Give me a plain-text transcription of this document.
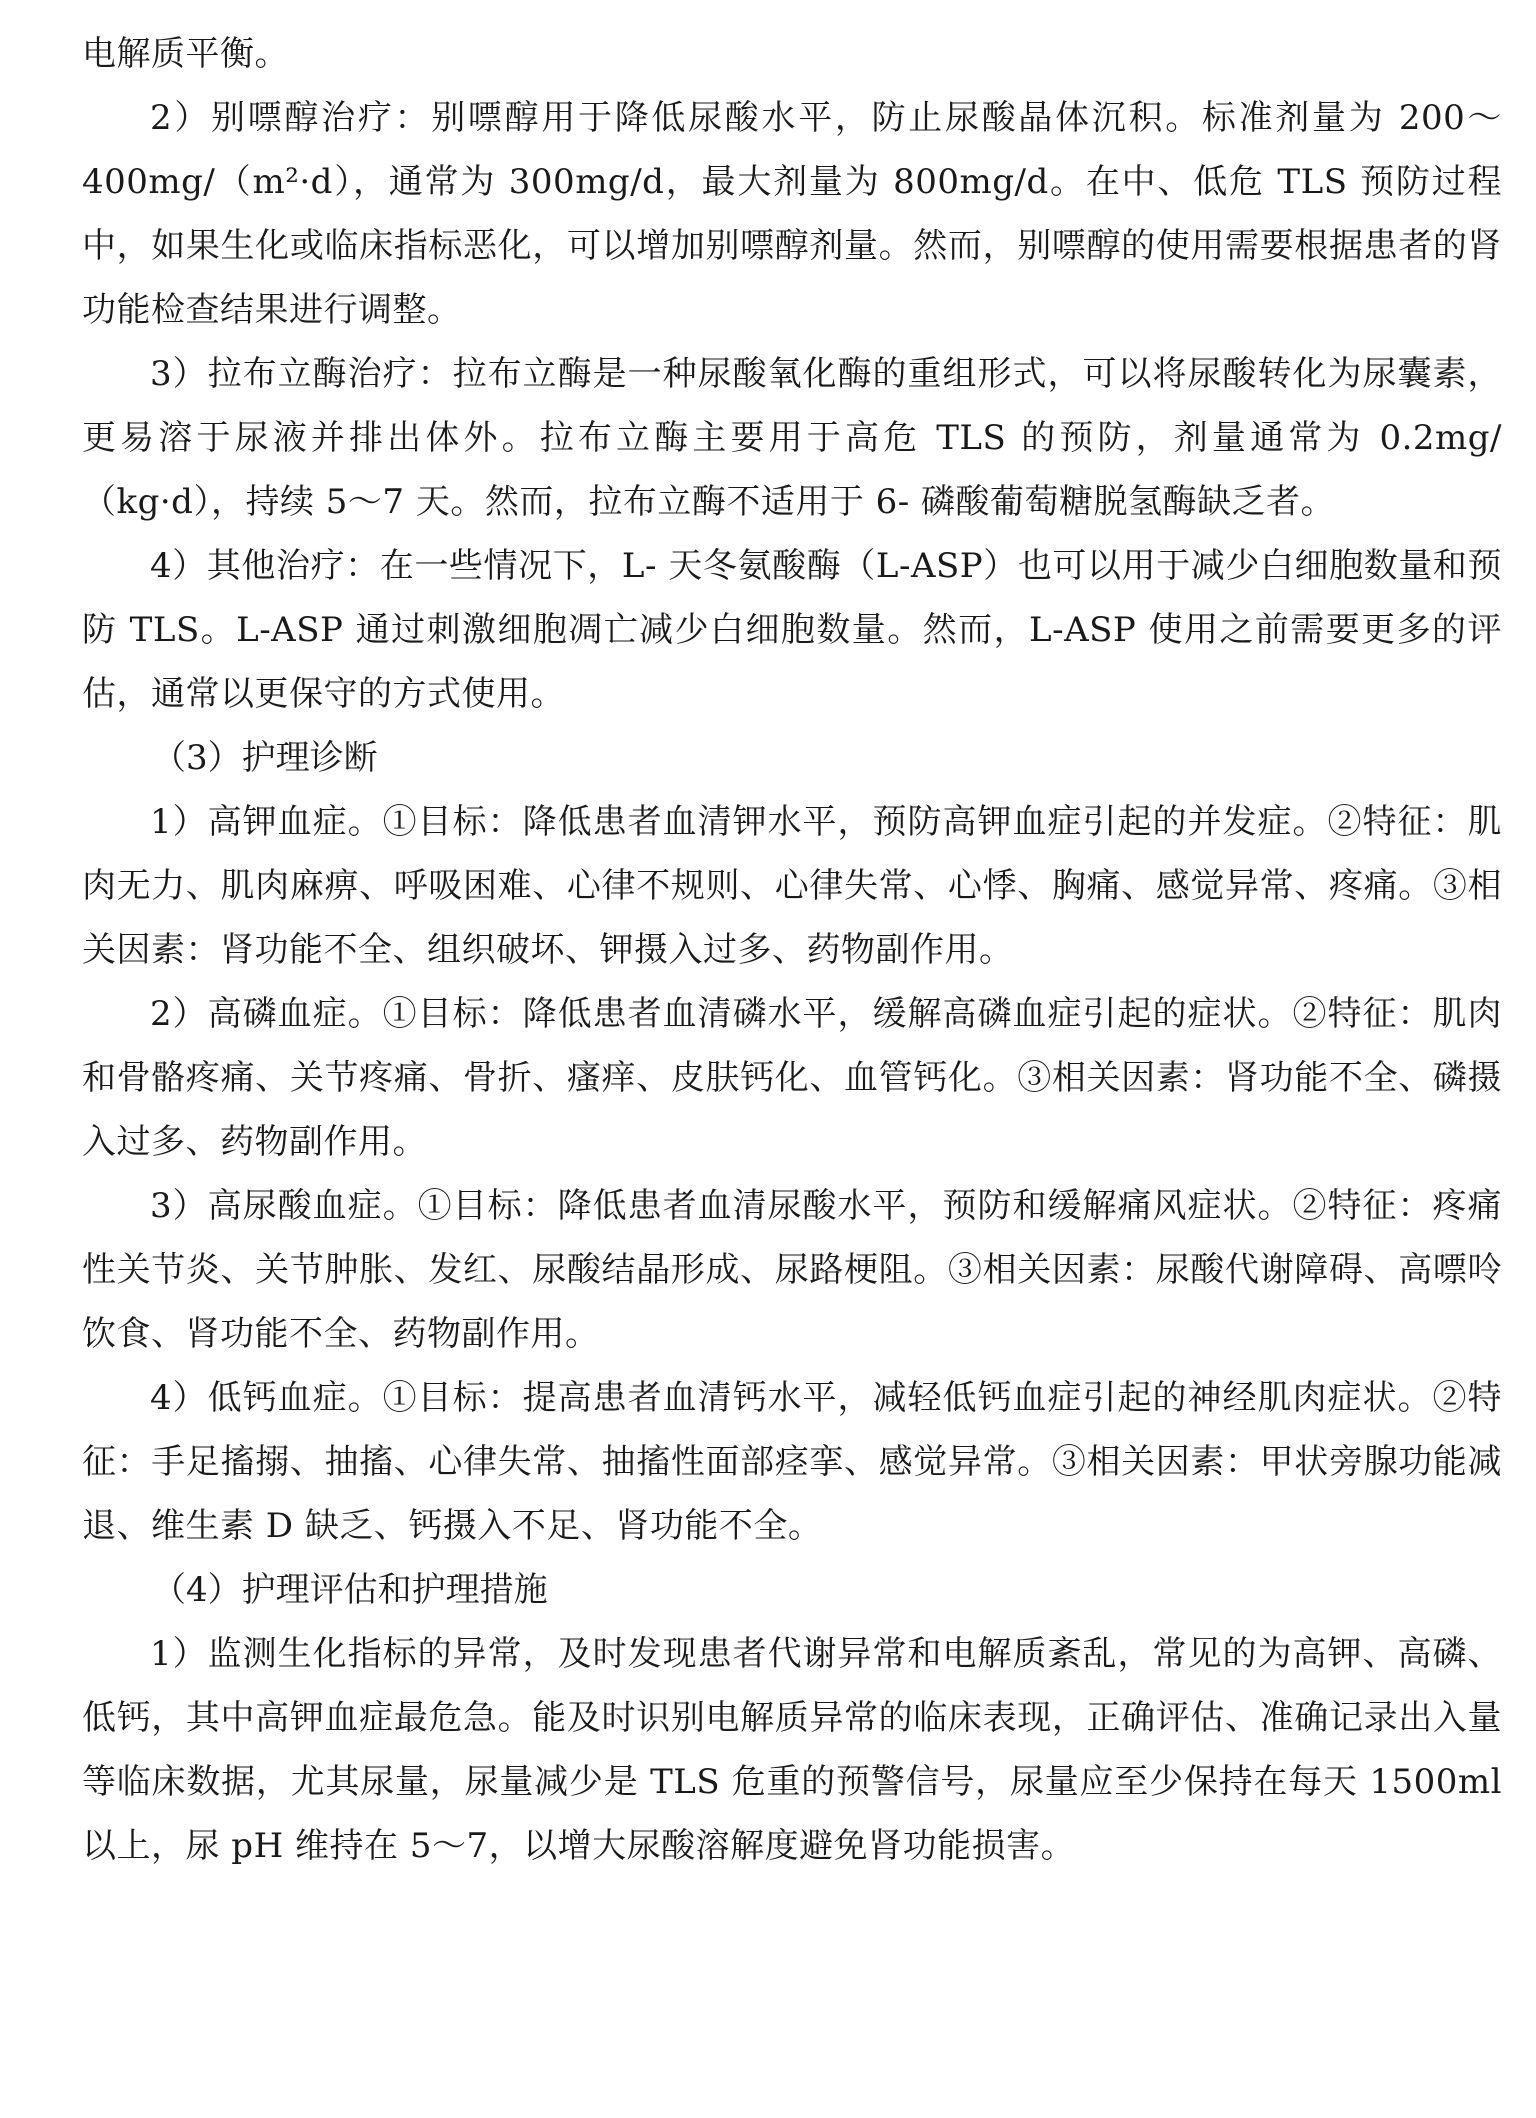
电解质平衡。

2）别嘌醇治疗：别嘌醇用于降低尿酸水平，防止尿酸晶体沉积。标准剂量为 200～400mg/（m²·d），通常为 300mg/d，最大剂量为 800mg/d。在中、低危 TLS 预防过程中，如果生化或临床指标恶化，可以增加别嘌醇剂量。然而，别嘌醇的使用需要根据患者的肾功能检查结果进行调整。

3）拉布立酶治疗：拉布立酶是一种尿酸氧化酶的重组形式，可以将尿酸转化为尿囊素，更易溶于尿液并排出体外。拉布立酶主要用于高危 TLS 的预防，剂量通常为 0.2mg/（kg·d），持续 5～7 天。然而，拉布立酶不适用于 6- 磷酸葡萄糖脱氢酶缺乏者。

4）其他治疗：在一些情况下，L- 天冬氨酸酶（L-ASP）也可以用于减少白细胞数量和预防 TLS。L-ASP 通过刺激细胞凋亡减少白细胞数量。然而，L-ASP 使用之前需要更多的评估，通常以更保守的方式使用。

（3）护理诊断

1）高钾血症。①目标：降低患者血清钾水平，预防高钾血症引起的并发症。②特征：肌肉无力、肌肉麻痹、呼吸困难、心律不规则、心律失常、心悸、胸痛、感觉异常、疼痛。③相关因素：肾功能不全、组织破坏、钾摄入过多、药物副作用。

2）高磷血症。①目标：降低患者血清磷水平，缓解高磷血症引起的症状。②特征：肌肉和骨骼疼痛、关节疼痛、骨折、瘙痒、皮肤钙化、血管钙化。③相关因素：肾功能不全、磷摄入过多、药物副作用。

3）高尿酸血症。①目标：降低患者血清尿酸水平，预防和缓解痛风症状。②特征：疼痛性关节炎、关节肿胀、发红、尿酸结晶形成、尿路梗阻。③相关因素：尿酸代谢障碍、高嘌呤饮食、肾功能不全、药物副作用。

4）低钙血症。①目标：提高患者血清钙水平，减轻低钙血症引起的神经肌肉症状。②特征：手足搐搦、抽搐、心律失常、抽搐性面部痉挛、感觉异常。③相关因素：甲状旁腺功能减退、维生素 D 缺乏、钙摄入不足、肾功能不全。

（4）护理评估和护理措施

1）监测生化指标的异常，及时发现患者代谢异常和电解质紊乱，常见的为高钾、高磷、低钙，其中高钾血症最危急。能及时识别电解质异常的临床表现，正确评估、准确记录出入量等临床数据，尤其尿量，尿量减少是 TLS 危重的预警信号，尿量应至少保持在每天 1500ml 以上，尿 pH 维持在 5～7，以增大尿酸溶解度避免肾功能损害。
